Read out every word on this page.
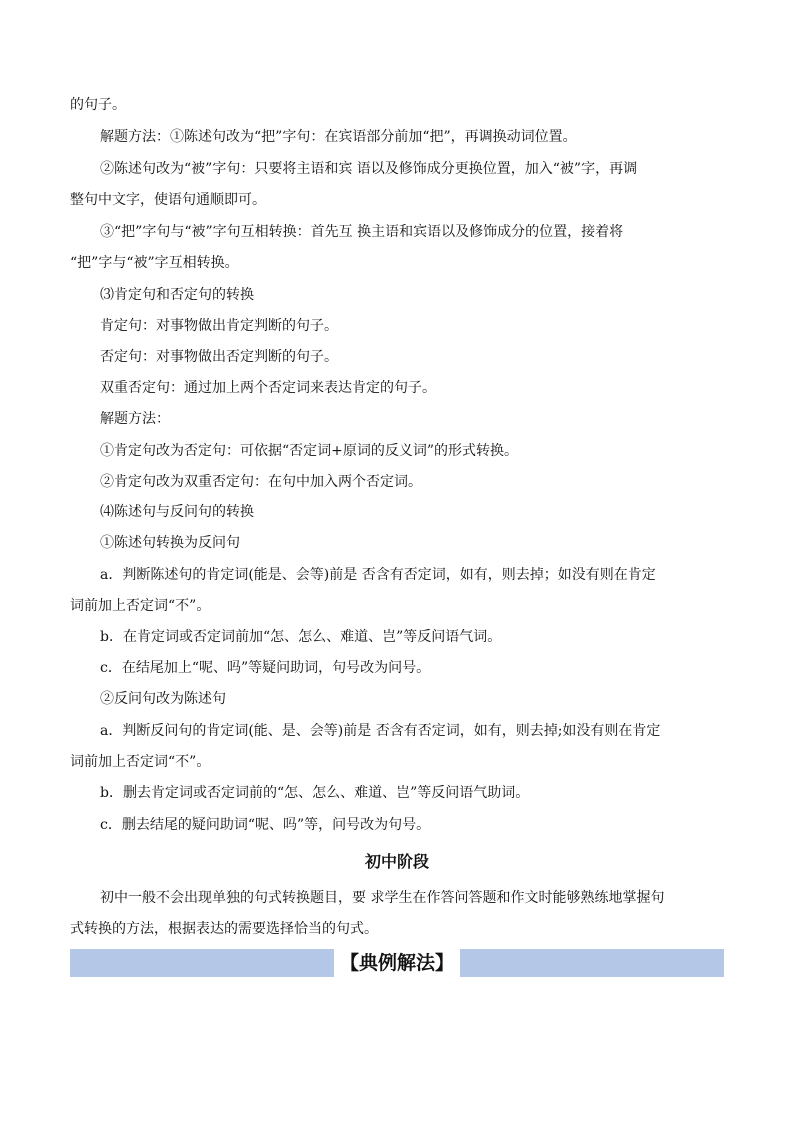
的句子。
解题方法：①陈述句改为“把”字句：在宾语部分前加“把”，再调换动词位置。
②陈述句改为“被”字句：只要将主语和宾 语以及修饰成分更换位置，加入“被”字，再调
整句中文字，使语句通顺即可。
③“把”字句与“被”字句互相转换：首先互 换主语和宾语以及修饰成分的位置，接着将
“把”字与“被”字互相转换。
⑶肯定句和否定句的转换
肯定句：对事物做出肯定判断的句子。
否定句：对事物做出否定判断的句子。
双重否定句：通过加上两个否定词来表达肯定的句子。
解题方法：
①肯定句改为否定句：可依据“否定词+原词的反义词”的形式转换。
②肯定句改为双重否定句：在句中加入两个否定词。
⑷陈述句与反问句的转换
①陈述句转换为反问句
a．判断陈述句的肯定词(能是、会等)前是 否含有否定词，如有，则去掉；如没有则在肯定
词前加上否定词“不”。
b．在肯定词或否定词前加“怎、怎么、难道、岂”等反问语气词。
c．在结尾加上“呢、吗”等疑问助词，句号改为问号。
②反问句改为陈述句
a．判断反问句的肯定词(能、是、会等)前是 否含有否定词，如有，则去掉;如没有则在肯定
词前加上否定词“不”。
b．删去肯定词或否定词前的“怎、怎么、难道、岂”等反问语气助词。
c．删去结尾的疑问助词“呢、吗”等，问号改为句号。
初中阶段
初中一般不会出现单独的句式转换题目，要 求学生在作答问答题和作文时能够熟练地掌握句
式转换的方法，根据表达的需要选择恰当的句式。
【典例解法】
